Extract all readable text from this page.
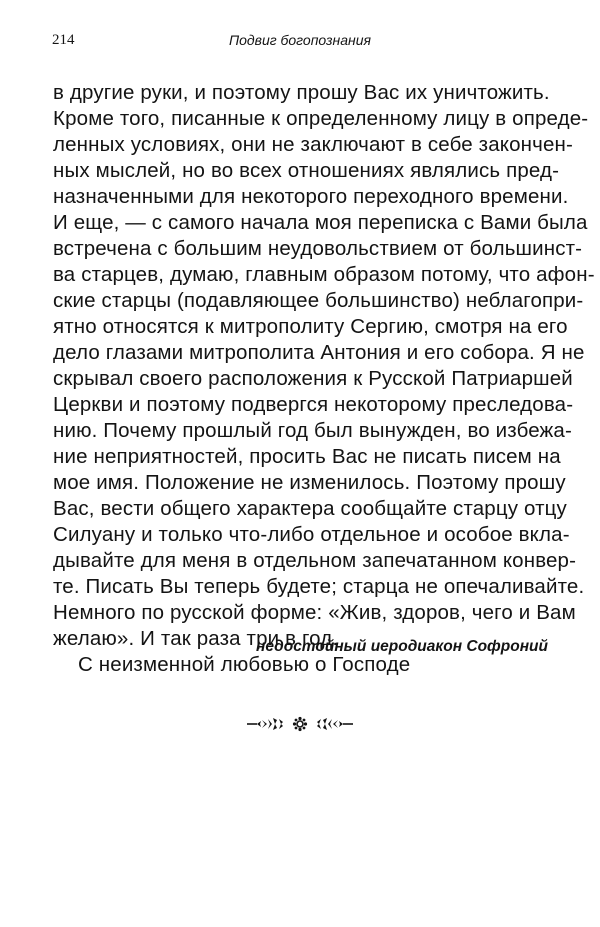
214	Подвиг богопознания
в другие руки, и поэтому прошу Вас их уничтожить.
Кроме того, писанные к определенному лицу в опреде-
ленных условиях, они не заключают в себе закончен-
ных мыслей, но во всех отношениях являлись пред-
назначенными для некоторого переходного времени.
И еще, — с самого начала моя переписка с Вами была
встречена с большим неудовольствием от большинст-
ва старцев, думаю, главным образом потому, что афон-
ские старцы (подавляющее большинство) неблагопри-
ятно относятся к митрополиту Сергию, смотря на его
дело глазами митрополита Антония и его собора. Я не
скрывал своего расположения к Русской Патриаршей
Церкви и поэтому подвергся некоторому преследова-
нию. Почему прошлый год был вынужден, во избежа-
ние неприятностей, просить Вас не писать писем на
мое имя. Положение не изменилось. Поэтому прошу
Вас, вести общего характера сообщайте старцу отцу
Силуану и только что-либо отдельное и особое вкла-
дывайте для меня в отдельном запечатанном конвер-
те. Писать Вы теперь будете; старца не опечаливайте.
Немного по русской форме: «Жив, здоров, чего и Вам
желаю». И так раза три в год.
С неизменной любовью о Господе
недостойный иеродиакон Софроний
